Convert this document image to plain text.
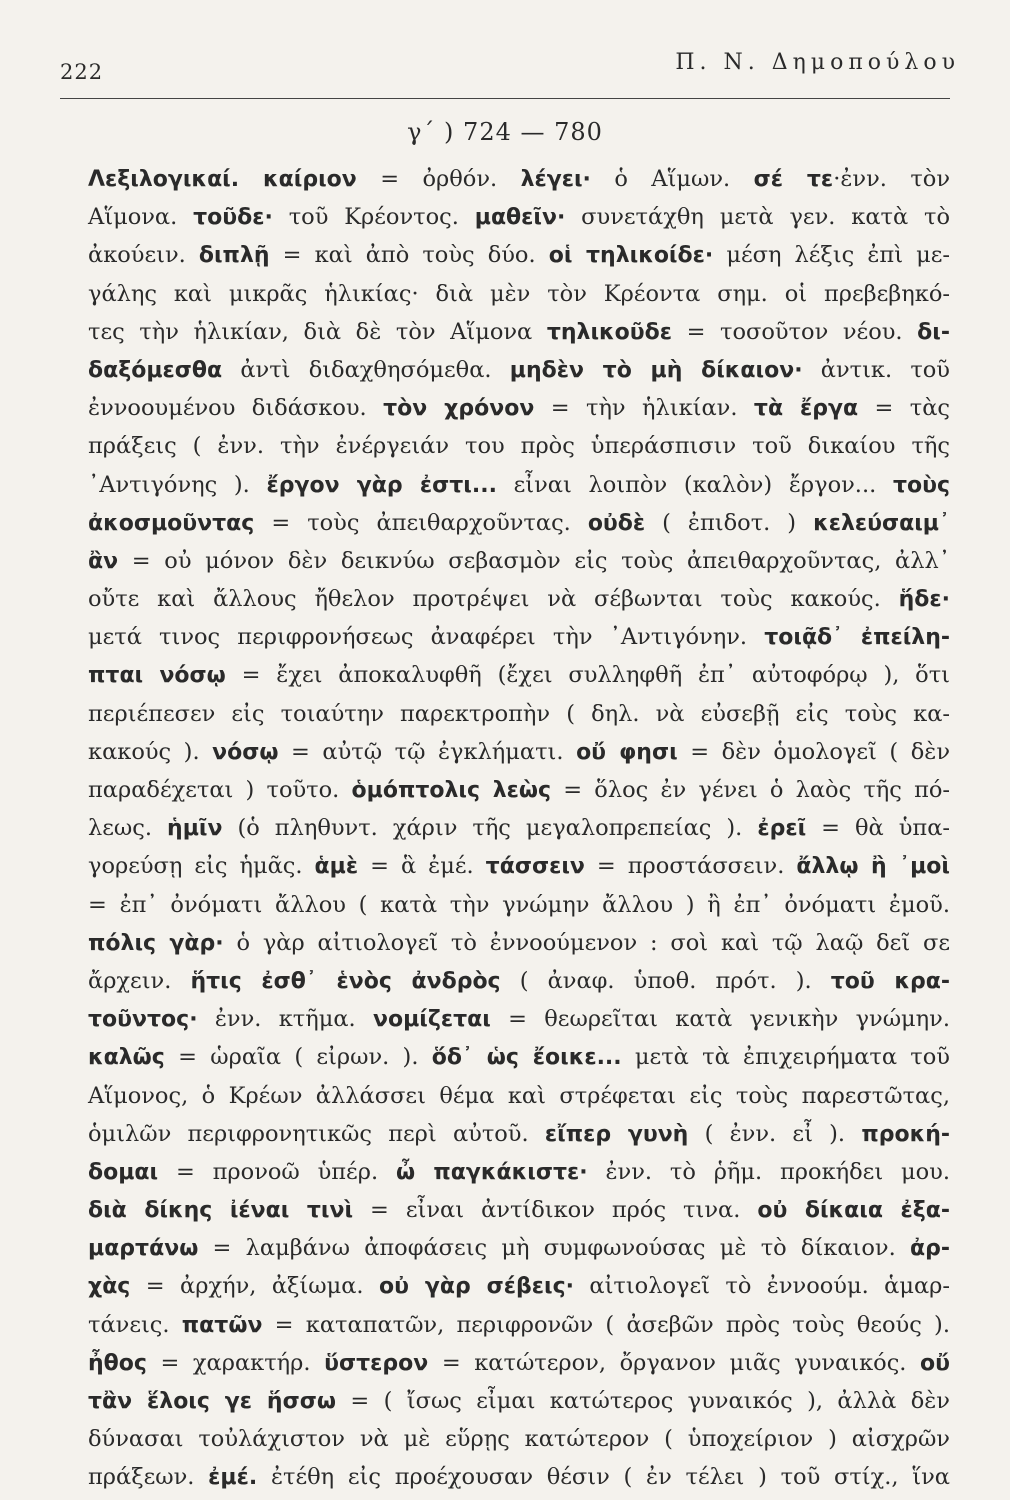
222	Π. Ν. Δημοπούλου
γ΄ ) 724 — 780
Λεξιλογικαί. καίριον = ὀρθόν. λέγει· ὁ Αἵμων. σέ τε·ἐνν. τὸν
Αἵμονα. τοῦδε· τοῦ Κρέοντος. μαθεῖν· συνετάχθη μετὰ γεν. κατὰ τὸ
ἀκούειν. διπλῇ = καὶ ἀπὸ τοὺς δύο. οἱ τηλικοίδε· μέση λέξις ἐπὶ με-
γάλης καὶ μικρᾶς ἡλικίας· διὰ μὲν τὸν Κρέοντα σημ. οἱ πρεβεβηκό-
τες τὴν ἡλικίαν, διὰ δὲ τὸν Αἵμονα τηλικοῦδε = τοσοῦτον νέου. δι-
δαξόμεσθα ἀντὶ διδαχθησόμεθα. μηδὲν τὸ μὴ δίκαιον· ἀντικ. τοῦ
ἐννοουμένου διδάσκου. τὸν χρόνον = τὴν ἡλικίαν. τὰ ἔργα = τὰς
πράξεις ( ἐνν. τὴν ἐνέργειάν του πρὸς ὑπεράσπισιν τοῦ δικαίου τῆς
᾿Αντιγόνης ). ἔργον γὰρ ἐστι... εἶναι λοιπὸν (καλὸν) ἔργον... τοὺς
ἀκοσμοῦντας = τοὺς ἀπειθαρχοῦντας. οὐδὲ ( ἐπιδοτ. ) κελεύσαιμ᾿
ἂν = οὐ μόνον δὲν δεικνύω σεβασμὸν εἰς τοὺς ἀπειθαρχοῦντας, ἀλλ᾿
οὔτε καὶ ἄλλους ἤθελον προτρέψει νὰ σέβωνται τοὺς κακούς. ἥδε·
μετά τινος περιφρονήσεως ἀναφέρει τὴν ᾿Αντιγόνην. τοιᾷδ᾿ ἐπείλη-
πται νόσῳ = ἔχει ἀποκαλυφθῆ (ἔχει συλληφθῆ ἐπ᾿ αὐτοφόρῳ ), ὅτι
περιέπεσεν εἰς τοιαύτην παρεκτροπὴν ( δηλ. νὰ εὐσεβῇ εἰς τοὺς κα-
κακούς ). νόσῳ = αὐτῷ τῷ ἐγκλήματι. οὔ φησι = δὲν ὁμολογεῖ ( δὲν
παραδέχεται ) τοῦτο. ὁμόπτολις λεὼς = ὅλος ἐν γένει ὁ λαὸς τῆς πό-
λεως. ἡμῖν (ὁ πληθυντ. χάριν τῆς μεγαλοπρεπείας ). ἐρεῖ = θὰ ὑπα-
γορεύσῃ εἰς ἡμᾶς. ἁμὲ = ἃ ἐμέ. τάσσειν = προστάσσειν. ἄλλῳ ἢ ᾿μοὶ
= ἐπ᾿ ὀνόματι ἄλλου ( κατὰ τὴν γνώμην ἄλλου ) ἢ ἐπ᾿ ὀνόματι ἐμοῦ.
πόλις γὰρ· ὁ γὰρ αἰτιολογεῖ τὸ ἐννοούμενον : σοὶ καὶ τῷ λαῷ δεῖ σε
ἄρχειν. ἥτις ἐσθ᾿ ἑνὸς ἀνδρὸς ( ἀναφ. ὑποθ. πρότ. ). τοῦ κρα-
τοῦντος· ἐνν. κτῆμα. νομίζεται = θεωρεῖται κατὰ γενικὴν γνώμην.
καλῶς = ὡραῖα ( εἰρων. ). ὅδ᾿ ὡς ἔοικε... μετὰ τὰ ἐπιχειρήματα τοῦ
Αἵμονος, ὁ Κρέων ἀλλάσσει θέμα καὶ στρέφεται εἰς τοὺς παρεστῶτας,
ὁμιλῶν περιφρονητικῶς περὶ αὐτοῦ. εἴπερ γυνὴ ( ἐνν. εἶ ). προκή-
δομαι = προνοῶ ὑπέρ. ὦ παγκάκιστε· ἐνν. τὸ ῥῆμ. προκήδει μου.
διὰ δίκης ἰέναι τινὶ = εἶναι ἀντίδικον πρός τινα. οὐ δίκαια ἐξα-
μαρτάνω = λαμβάνω ἀποφάσεις μὴ συμφωνούσας μὲ τὸ δίκαιον. ἀρ-
χὰς = ἀρχήν, ἀξίωμα. οὐ γὰρ σέβεις· αἰτιολογεῖ τὸ ἐννοούμ. ἁμαρ-
τάνεις. πατῶν = καταπατῶν, περιφρονῶν ( ἀσεβῶν πρὸς τοὺς θεούς ).
ἦθος = χαρακτήρ. ὕστερον = κατώτερον, ὄργανον μιᾶς γυναικός. οὔ
τἂν ἕλοις γε ἥσσω = ( ἴσως εἶμαι κατώτερος γυναικός ), ἀλλὰ δὲν
δύνασαι τοὐλάχιστον νὰ μὲ εὕρῃς κατώτερον ( ὑποχείριον ) αἰσχρῶν
πράξεων. ἐμέ. ἐτέθη εἰς προέχουσαν θέσιν ( ἐν τέλει ) τοῦ στίχ., ἵνα
